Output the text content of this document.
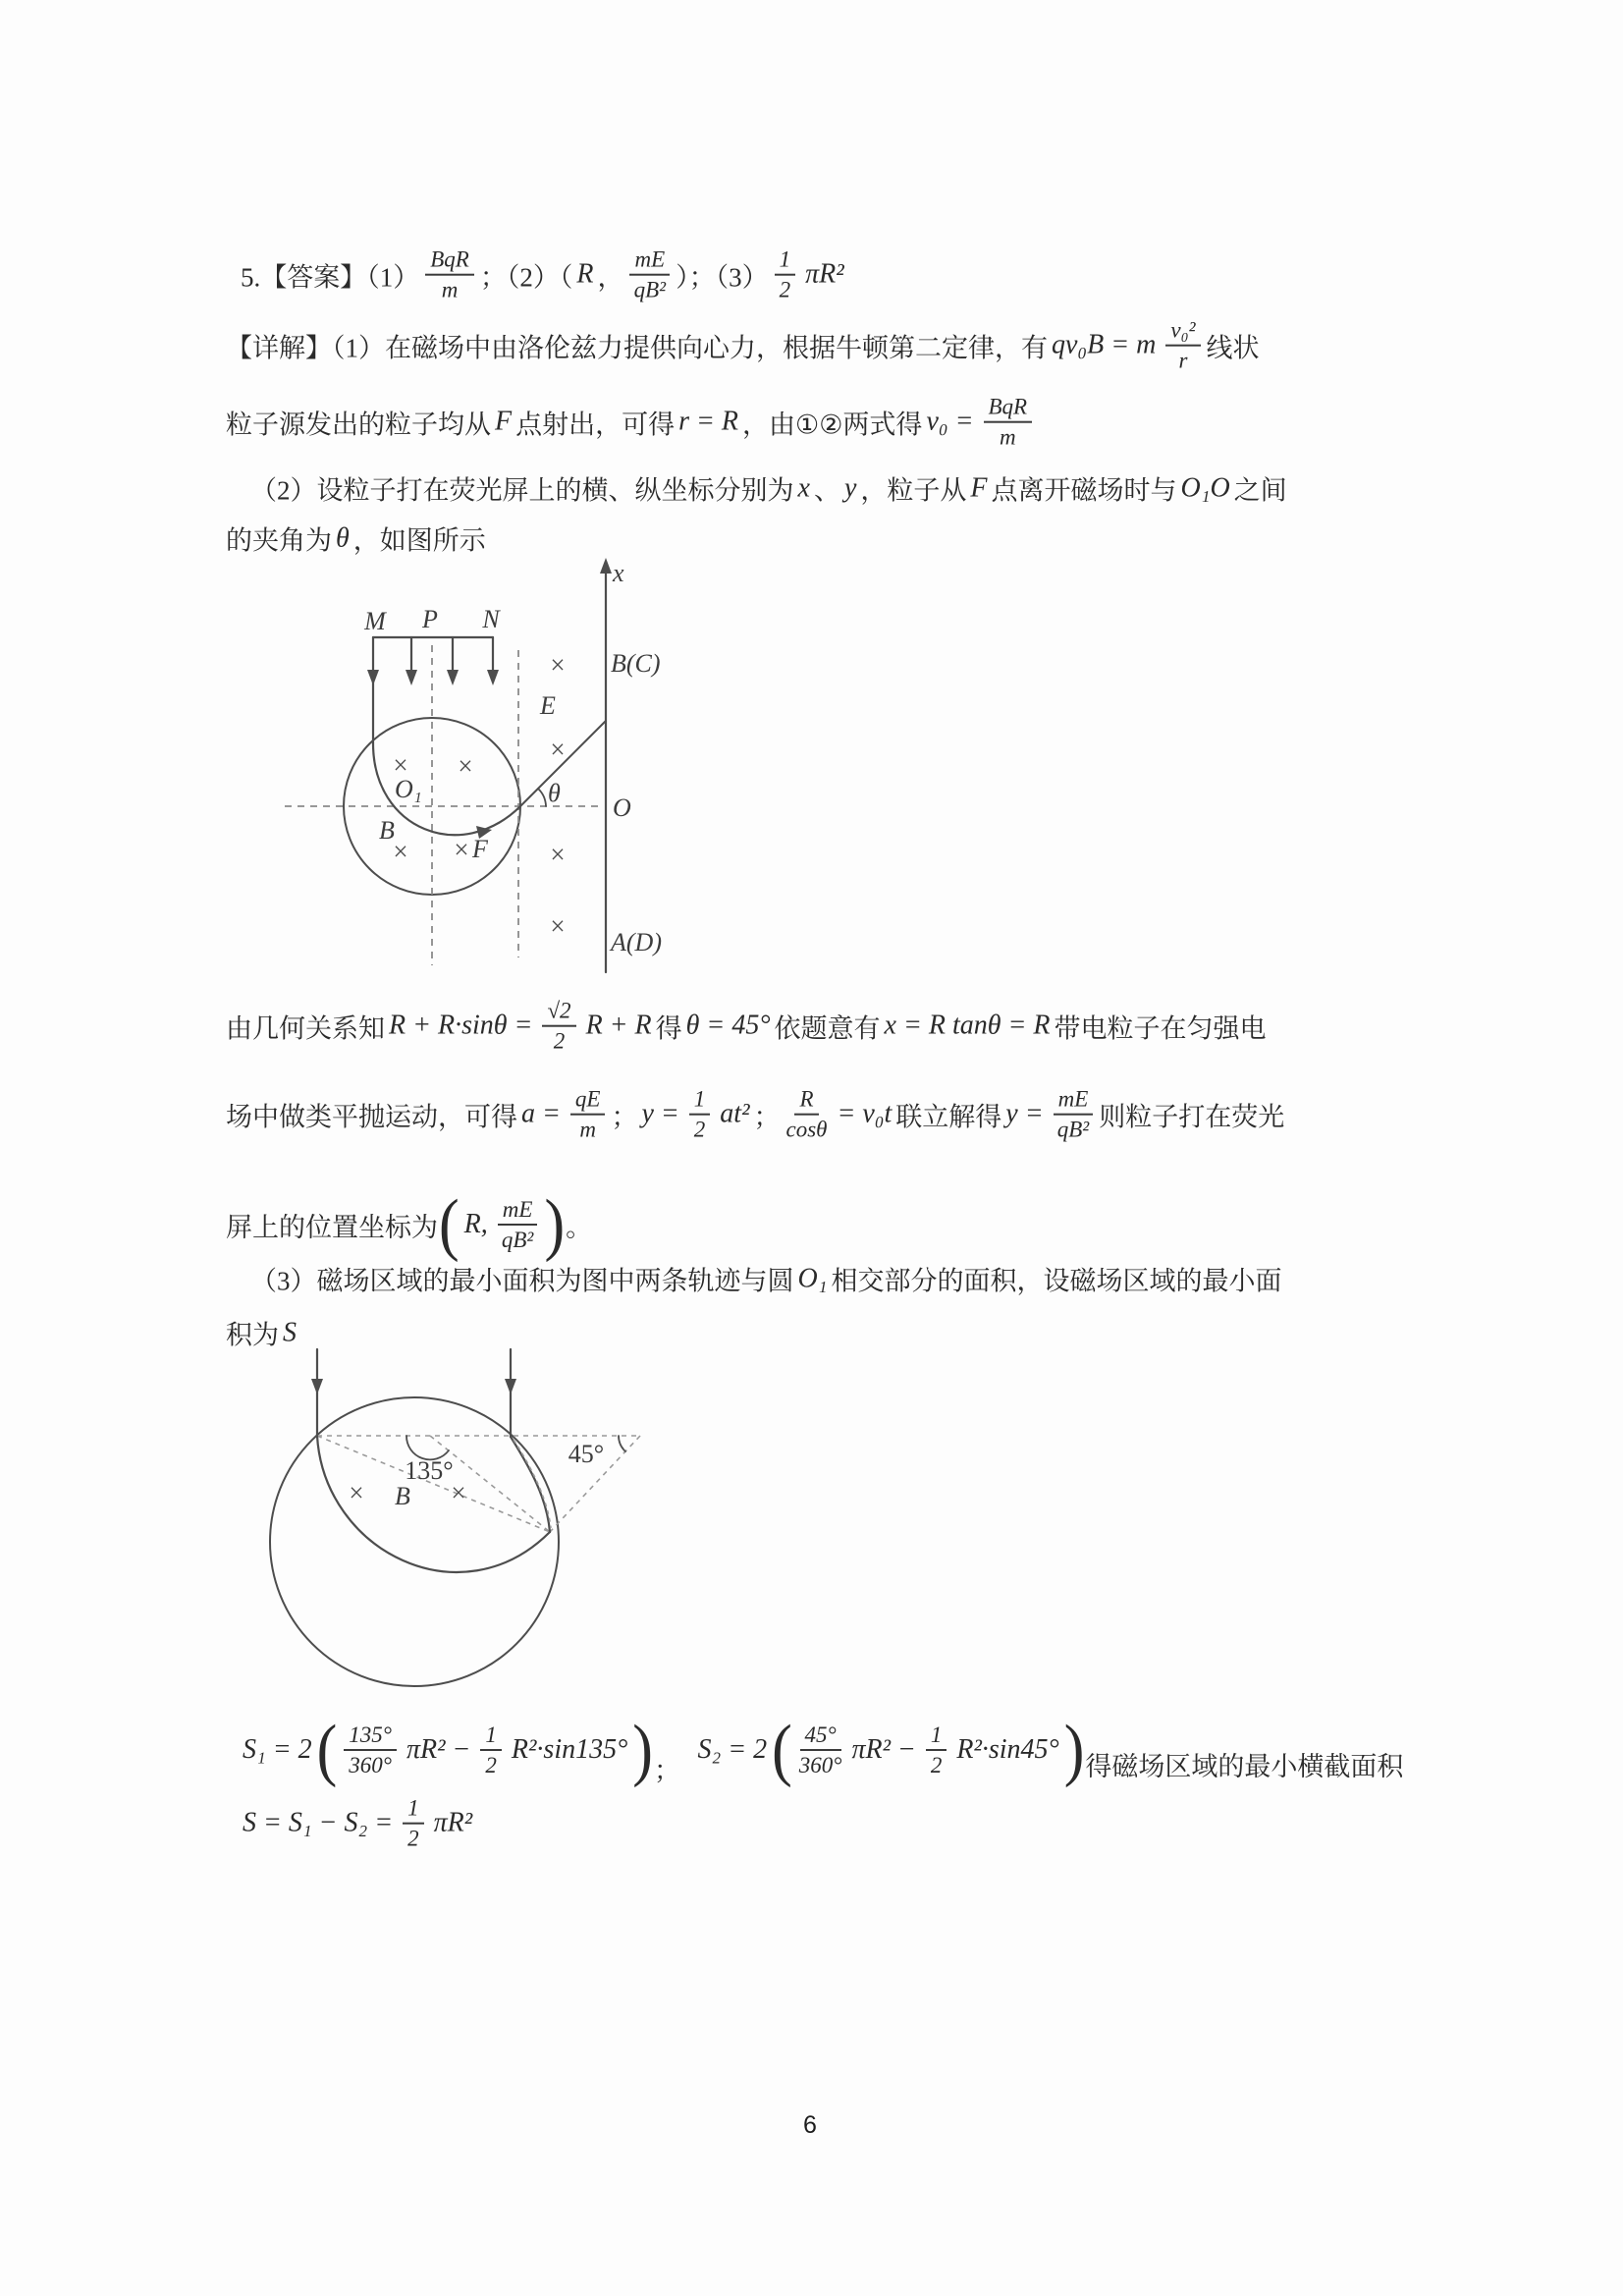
5.【答案】$(1) \frac{\text{BqR}}{m}$ ；（2）（ R ， $\frac{mE}{\text{qB²}}$ ）；$(3) \frac{1}{2} \pi R^2$
【详解】（1）在磁场中由洛伦兹力提供向心力，根据牛顿第二定律，有 qv₀B = m $\frac{\text{v₀²}}{r}$ 线状
粒子源发出的粒子均从 F 点射出，可得 r = R ，由①②两式得 $v_0 = \frac{\text{BqR}}{m}$
（2）设粒子打在荧光屏上的横、纵坐标分别为 x 、 y ，粒子从 F 点离开磁场时与 O₁O 之间
的夹角为 θ ，如图所示
x
M P N
B(C)
E
O₁
B
F
θ
O
A(D)
× ×
× ×
×
×
×
×
由几何关系知 $R + R\cdot\sin\theta = \frac{√2}{2}$ R + R 得 θ = 45° 依题意有 x = R tanθ = R 带电粒子在匀强电
场中做类平抛运动，可得 $a = \frac{qE}{m}$ ； $y = \frac{1}{2} at^2$ ； $\frac{R}{\cos\theta} = v_0t$ 联立解得 $y = \frac{mE}{\text{qB²}}$ 则粒子打在荧光
屏上的位置坐标为 ( R, $\frac{mE}{\text{qB²}}$ ) 。
（3）磁场区域的最小面积为图中两条轨迹与圆 O₁ 相交部分的面积，设磁场区域的最小面
积为 S
135°
45°
× B ×
S₁ = 2 ( $\frac{135^\circ}{360^\circ} \pi R^2 - \frac{1}{2} R^2\cdot\sin 135^\circ$ ) ；

S₂ = 2 ( $\frac{45^\circ}{360^\circ} \pi R^2 - \frac{1}{2} R^2\cdot\sin 45^\circ$ ) 得磁场区域的最小横截面积
$S = S_1 - S_2 = \frac{1}{2} \pi R^2$
6
